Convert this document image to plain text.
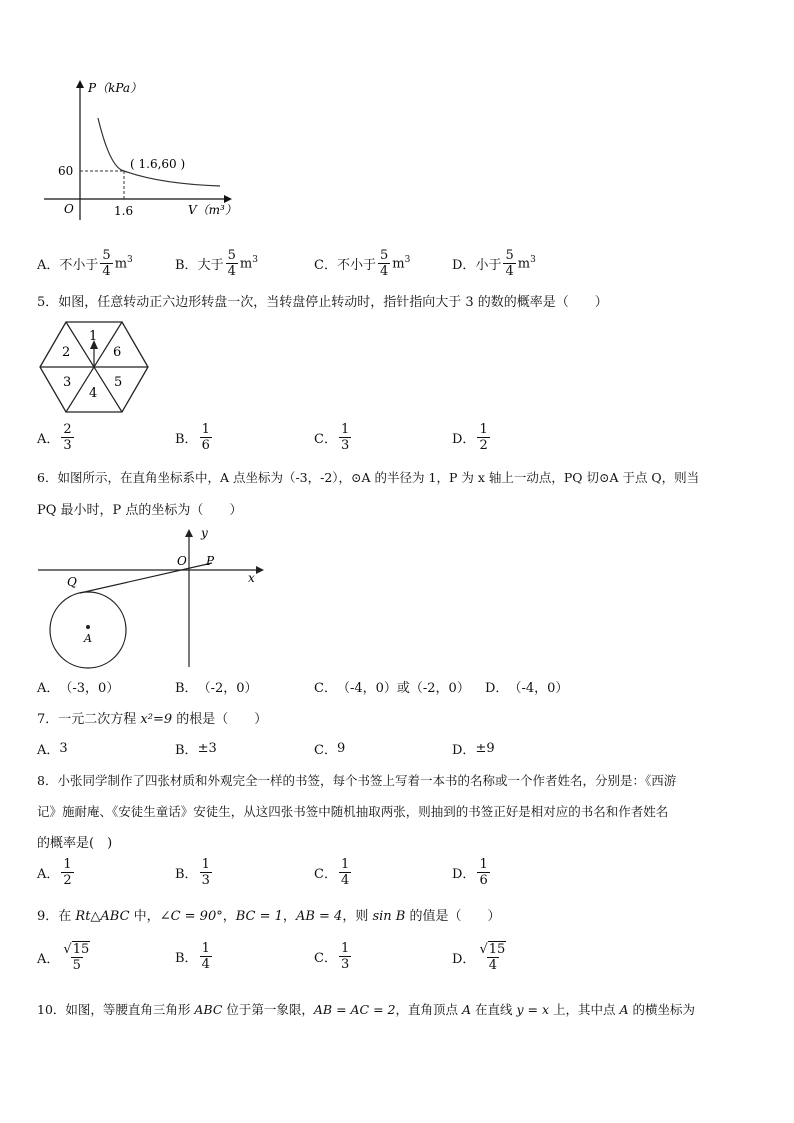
P（kPa）
V（m³）
O
60
1.6
( 1.6,60 )
A． 不小于 $\frac{5}{4} m^3$	B． 大于 $\frac{5}{4} m^3$	C． 不小于 $\frac{5}{4} m^3$	D． 小于 $\frac{5}{4} m^3$
5．如图，任意转动正六边形转盘一次，当转盘停止转动时，指针指向大于 3 的数的概率是（　　）
1
6
5
4
3
2
A． $\frac{2}{3}$	B． $\frac{1}{6}$	C． $\frac{1}{3}$	D． $\frac{1}{2}$
6．如图所示，在直角坐标系中，A 点坐标为（-3，-2），⊙A 的半径为 1，P 为 x 轴上一动点，PQ 切⊙A 于点 Q，则当
PQ 最小时，P 点的坐标为（　　）
y
x
O P
Q
A
A． （-3，0）	B． （-2，0）	C． （-4，0）或（-2，0） D． （-4，0）
7．一元二次方程 x²=9 的根是（　　）
A． 3	B． ±3	C． 9	D． ±9
8．小张同学制作了四张材质和外观完全一样的书签，每个书签上写着一本书的名称或一个作者姓名，分别是：《西游
记》施耐庵、《安徒生童话》安徒生，从这四张书签中随机抽取两张，则抽到的书签正好是相对应的书名和作者姓名
的概率是(　)
A． $\frac{1}{2}$	B． $\frac{1}{3}$	C． $\frac{1}{4}$	D． $\frac{1}{6}$
9．在 Rt△ABC 中，∠C = 90°，BC = 1，AB = 4，则 sin B 的值是（　　）
A． $\frac{√ 15}{5}$	B． $\frac{1}{4}$	C． $\frac{1}{3}$	D． $\frac{√ 15}{4}$
10．如图，等腰直角三角形 ABC 位于第一象限，AB = AC = 2，直角顶点 A 在直线 y = x 上，其中点 A 的横坐标为
